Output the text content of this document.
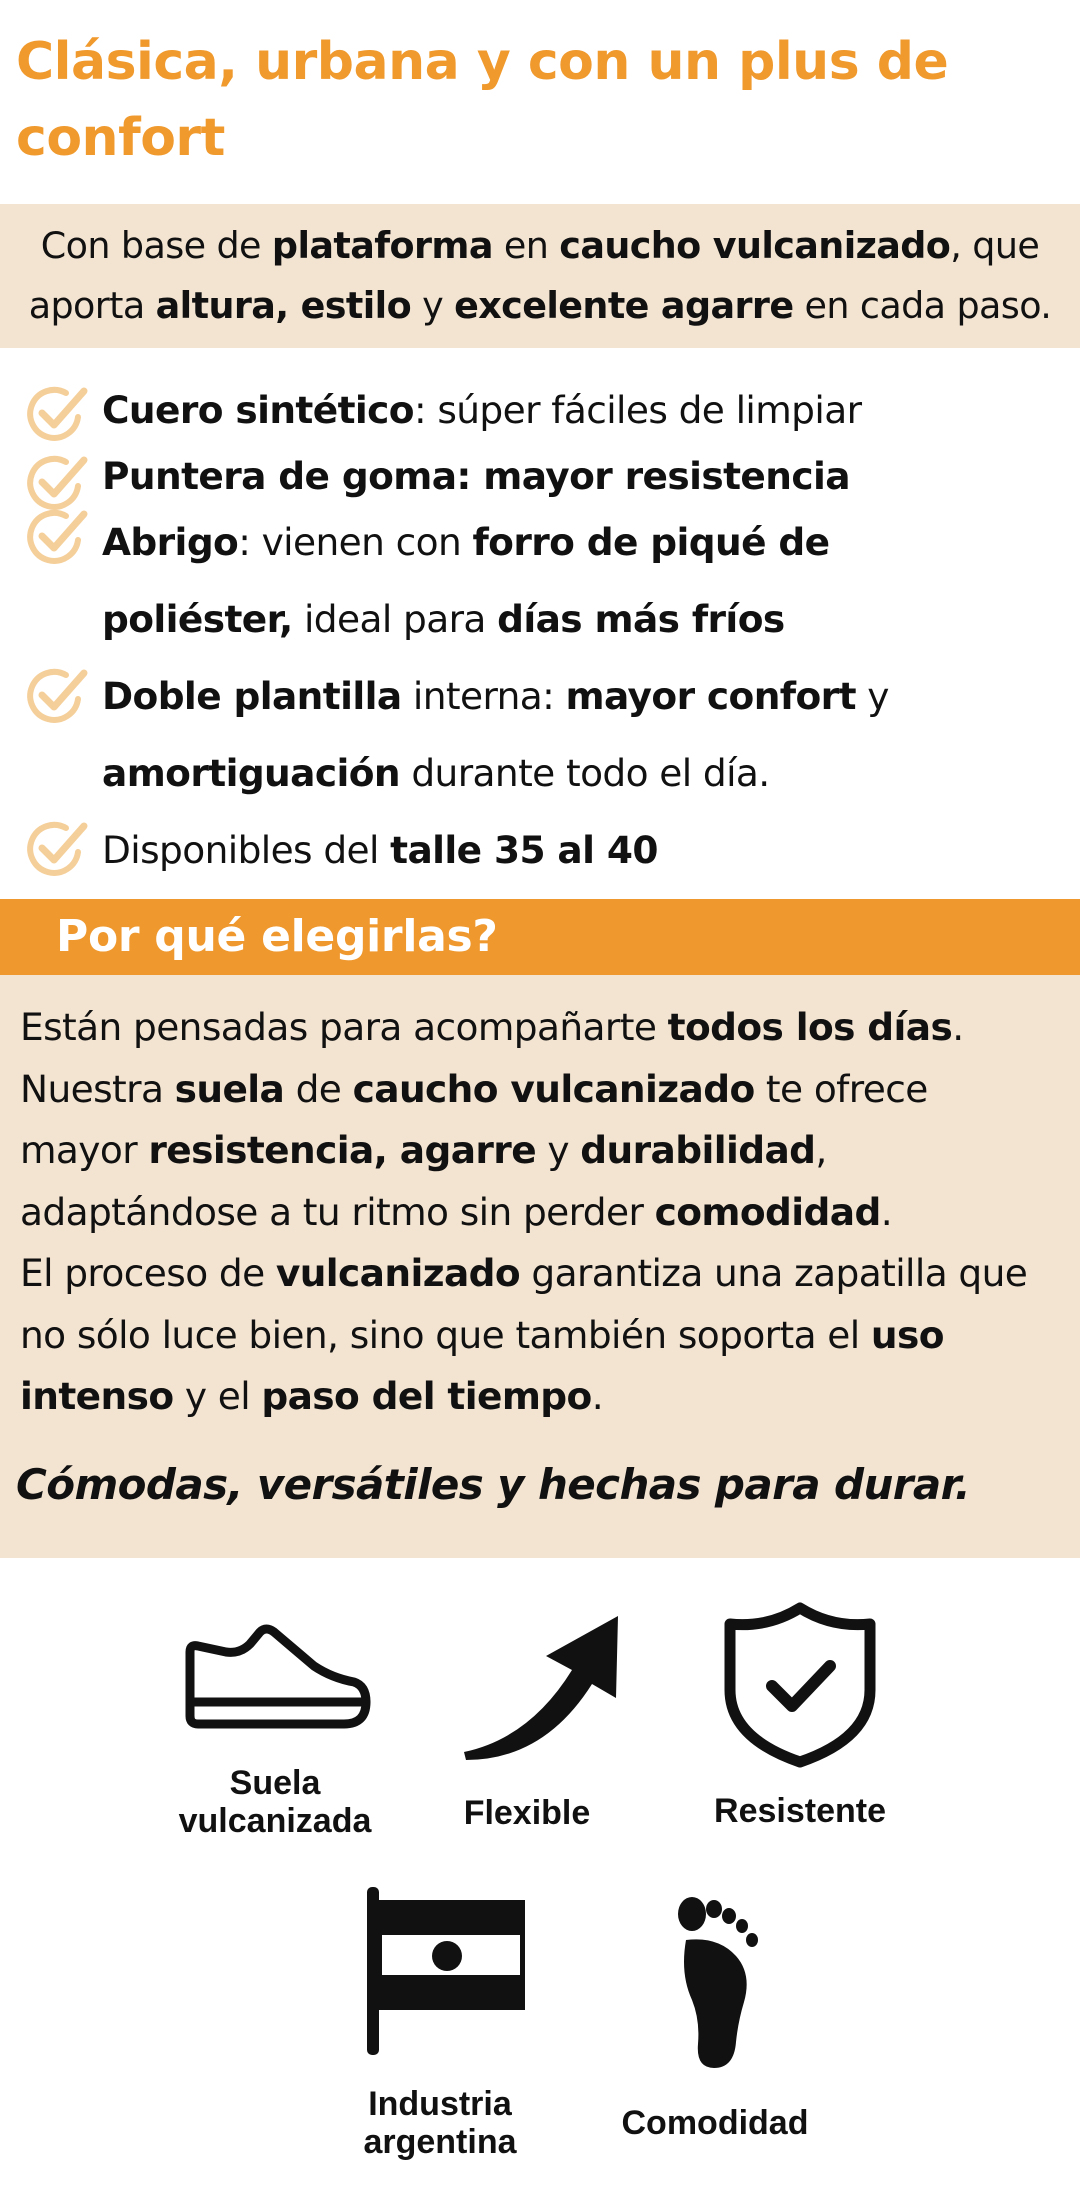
Clásica, urbana y con un plus de confort
Con base de plataforma en caucho vulcanizado, que aporta altura, estilo y excelente agarre en cada paso.
Cuero sintético: súper fáciles de limpiar
Puntera de goma: mayor resistencia
Abrigo: vienen con forro de piqué de poliéster, ideal para días más fríos
Doble plantilla interna: mayor confort y amortiguación durante todo el día.
Disponibles del talle 35 al 40
Por qué elegirlas?
Están pensadas para acompañarte todos los días.
Nuestra suela de caucho vulcanizado te ofrece
mayor resistencia, agarre y durabilidad,
adaptándose a tu ritmo sin perder comodidad.
El proceso de vulcanizado garantiza una zapatilla que
no sólo luce bien, sino que también soporta el uso
intenso y el paso del tiempo.
Cómodas, versátiles y hechas para durar.
Suela
vulcanizada	Flexible	Resistente
Industria
argentina	Comodidad
